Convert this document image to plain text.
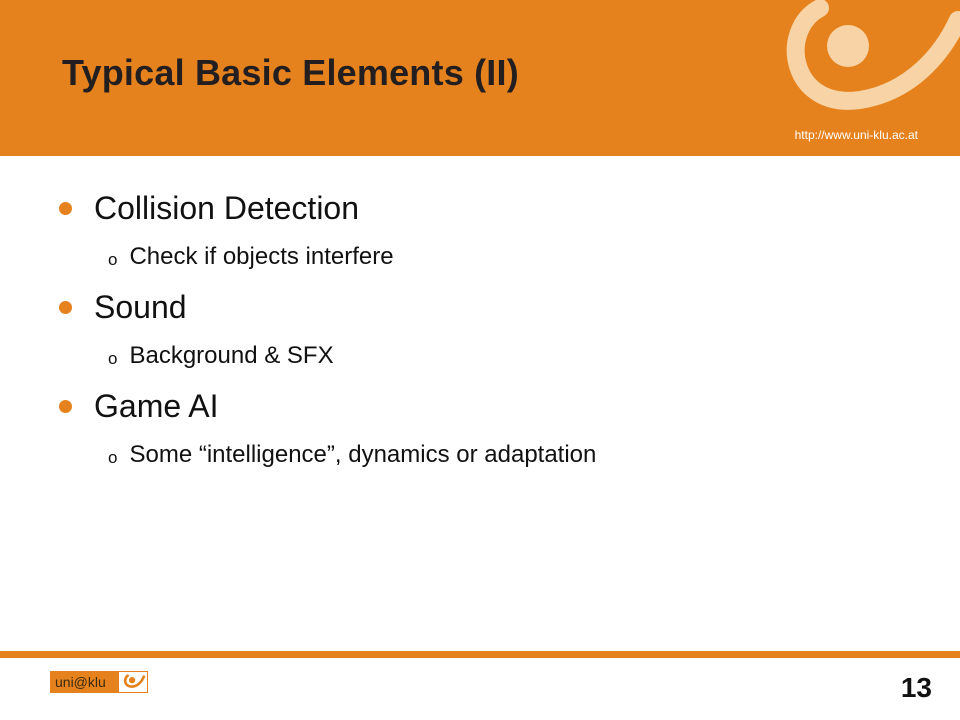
Typical Basic Elements (II)
http://www.uni-klu.ac.at
Collision Detection
o Check if objects interfere
Sound
o Background & SFX
Game AI
o Some “intelligence”, dynamics or adaptation
uni@klu	13
